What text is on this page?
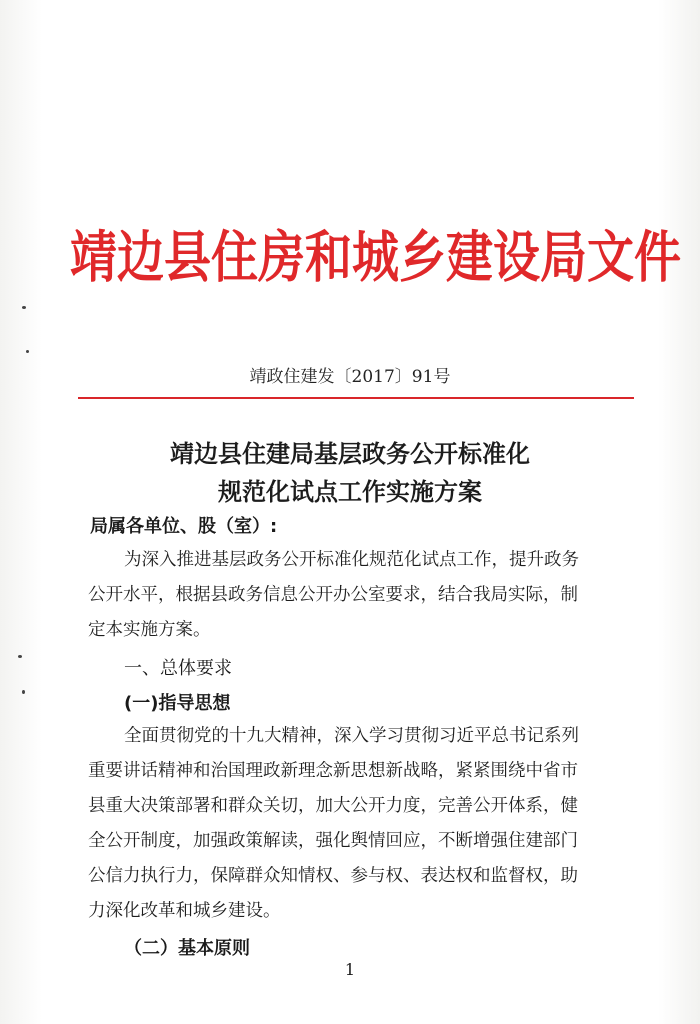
靖边县住房和城乡建设局文件
靖政住建发〔2017〕91号
靖边县住建局基层政务公开标准化
规范化试点工作实施方案
局属各单位、股（室）:
为深入推进基层政务公开标准化规范化试点工作，提升政务
公开水平，根据县政务信息公开办公室要求，结合我局实际，制
定本实施方案。
一、总体要求
(一)指导思想
全面贯彻党的十九大精神，深入学习贯彻习近平总书记系列
重要讲话精神和治国理政新理念新思想新战略，紧紧围绕中省市
县重大决策部署和群众关切，加大公开力度，完善公开体系，健
全公开制度，加强政策解读，强化舆情回应，不断增强住建部门
公信力执行力，保障群众知情权、参与权、表达权和监督权，助
力深化改革和城乡建设。
（二）基本原则
1
